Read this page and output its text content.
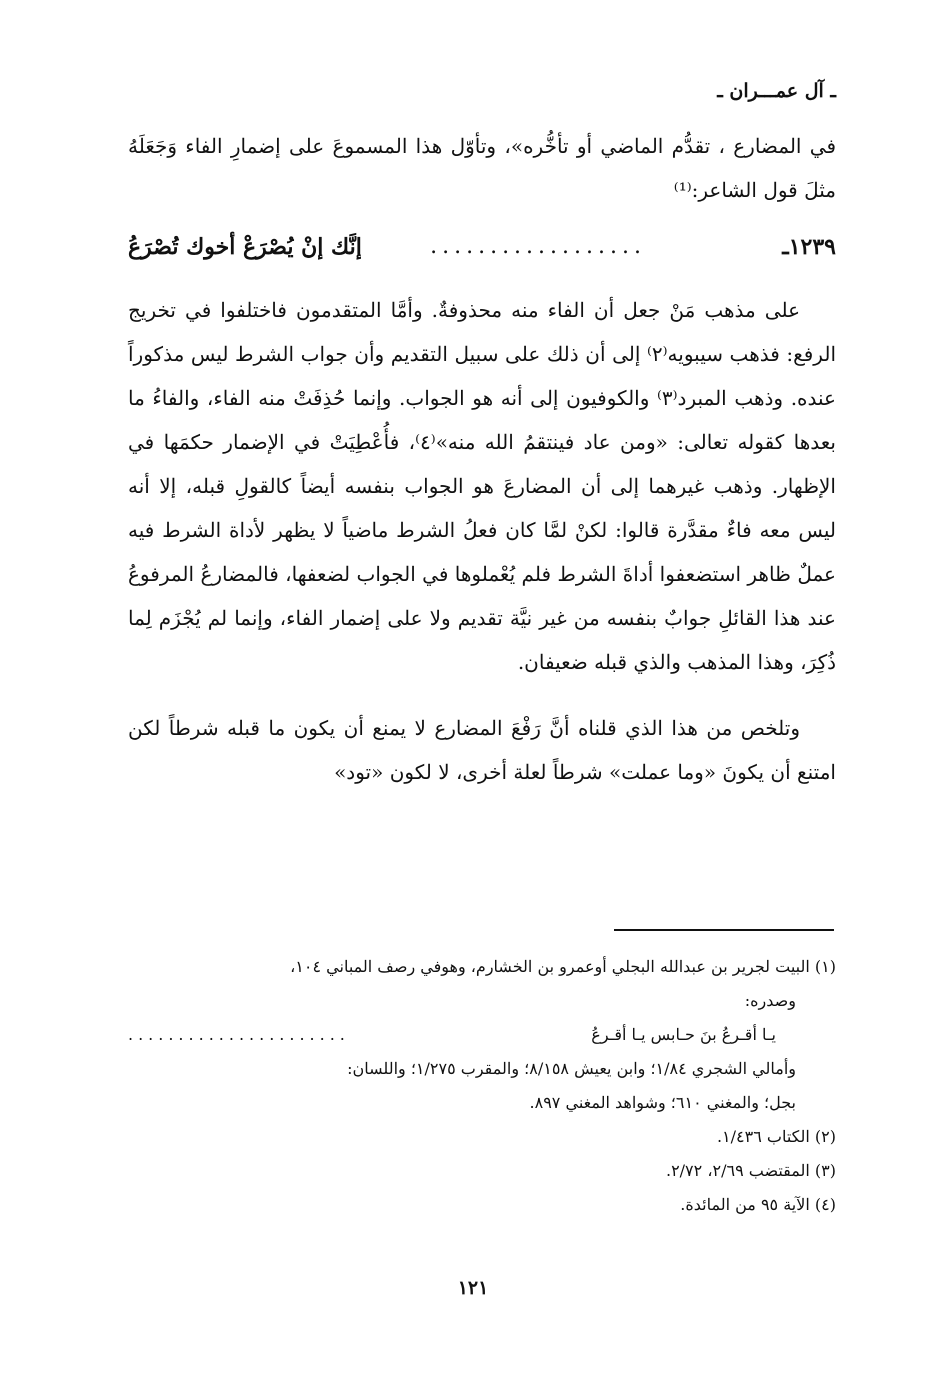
ـ آل عمـــران ـ

في المضارع ، تقدُّم الماضي أو تأخُّره»، وتأوّل هذا المسموعَ على إضمارِ الفاء وَجَعَلَهُ مثلَ قول الشاعر:⁽¹⁾

١٢٣٩ـ
..................
إنَّك إنْ يُصْرَعْ أخوك تُصْرَعُ

على مذهب مَنْ جعل أن الفاء منه محذوفةٌ. وأمَّا المتقدمون فاختلفوا في تخريج الرفع: فذهب سيبويه⁽٢⁾ إلى أن ذلك على سبيل التقديم وأن جواب الشرط ليس مذكوراً عنده. وذهب المبرد⁽٣⁾ والكوفيون إلى أنه هو الجواب. وإنما حُذِفَتْ منه الفاء، والفاءُ ما بعدها كقوله تعالى: «ومن عاد فينتقمُ الله منه»⁽٤⁾، فأُعْطِيَتْ في الإضمار حكمَها في الإظهار. وذهب غيرهما إلى أن المضارعَ هو الجواب بنفسه أيضاً كالقولِ قبله، إلا أنه ليس معه فاءٌ مقدَّرة قالوا: لكنْ لمَّا كان فعلُ الشرط ماضياً لا يظهر لأداة الشرط فيه عملٌ ظاهر استضعفوا أداةَ الشرط فلم يُعْملوها في الجواب لضعفها، فالمضارعُ المرفوعُ عند هذا القائلِ جوابٌ بنفسه من غير نيَّة تقديم ولا على إضمار الفاء، وإنما لم يُجْزَم لِما ذُكِرَ، وهذا المذهب والذي قبله ضعيفان.

وتلخص من هذا الذي قلناه أنَّ رَفْعَ المضارع لا يمنع أن يكون ما قبله شرطاً لكن امتنع أن يكونَ «وما عملت» شرطاً لعلة أخرى، لا لكون «تود»

(١) البيت لجرير بن عبدالله البجلي أوعمرو بن الخشارم، وهوفي رصف المباني ١٠٤،

وصدره:

يـا أقـرعُ بنَ حـابس يـا أقـرعُ
......................

وأمالي الشجري ١/٨٤؛ وابن يعيش ٨/١٥٨؛ والمقرب ١/٢٧٥؛ واللسان:

بجل؛ والمغني ٦١٠؛ وشواهد المغني ٨٩٧.

(٢) الكتاب ١/٤٣٦.

(٣) المقتضب ٢/٦٩، ٢/٧٢.

(٤) الآية ٩٥ من المائدة.

١٢١
